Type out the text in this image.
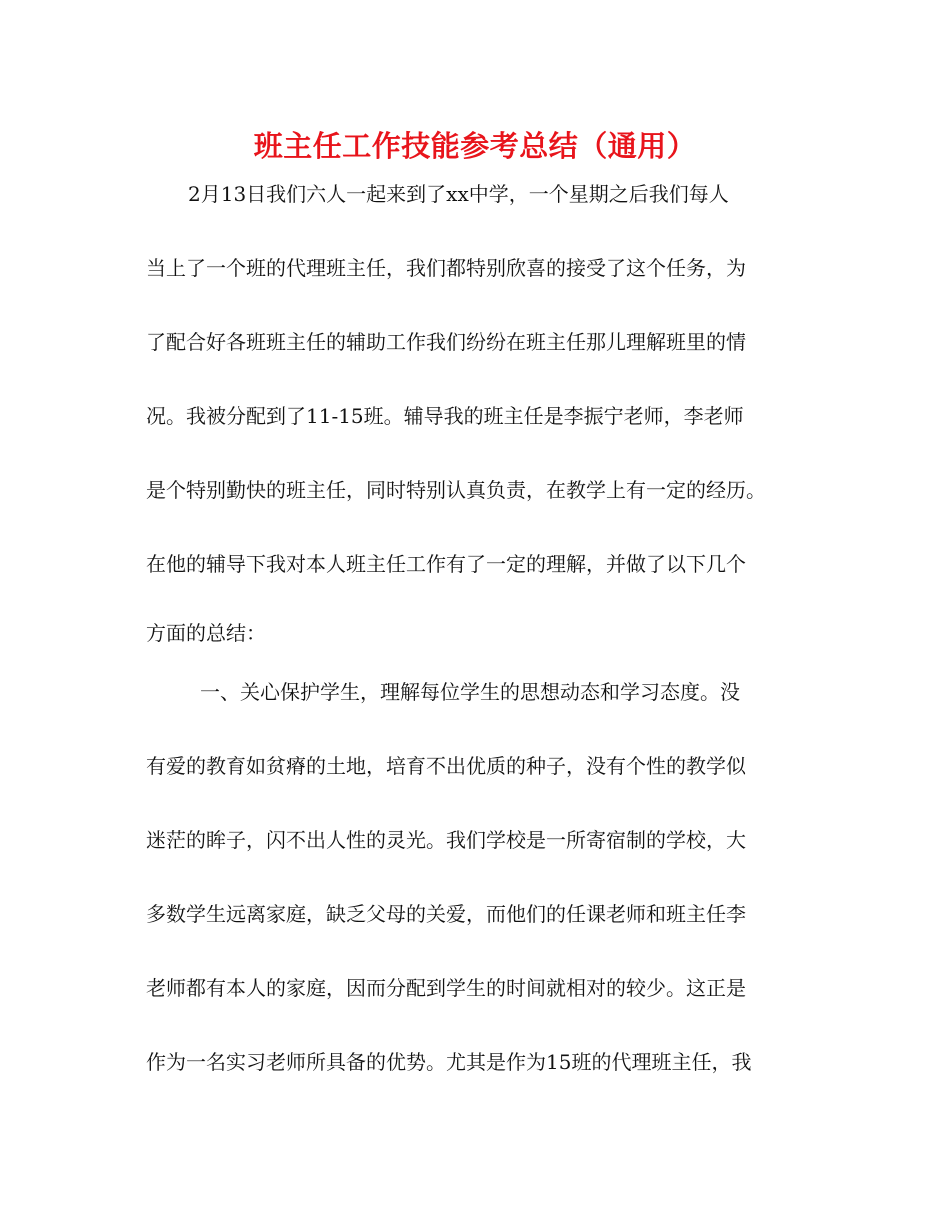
班主任工作技能参考总结（通用）

2月13日我们六人一起来到了xx中学，一个星期之后我们每人

当上了一个班的代理班主任，我们都特别欣喜的接受了这个任务，为

了配合好各班班主任的辅助工作我们纷纷在班主任那儿理解班里的情

况。我被分配到了11-15班。辅导我的班主任是李振宁老师，李老师

是个特别勤快的班主任，同时特别认真负责，在教学上有一定的经历。

在他的辅导下我对本人班主任工作有了一定的理解，并做了以下几个

方面的总结：

一、关心保护学生，理解每位学生的思想动态和学习态度。没

有爱的教育如贫瘠的土地，培育不出优质的种子，没有个性的教学似

迷茫的眸子，闪不出人性的灵光。我们学校是一所寄宿制的学校，大

多数学生远离家庭，缺乏父母的关爱，而他们的任课老师和班主任李

老师都有本人的家庭，因而分配到学生的时间就相对的较少。这正是

作为一名实习老师所具备的优势。尤其是作为15班的代理班主任，我
